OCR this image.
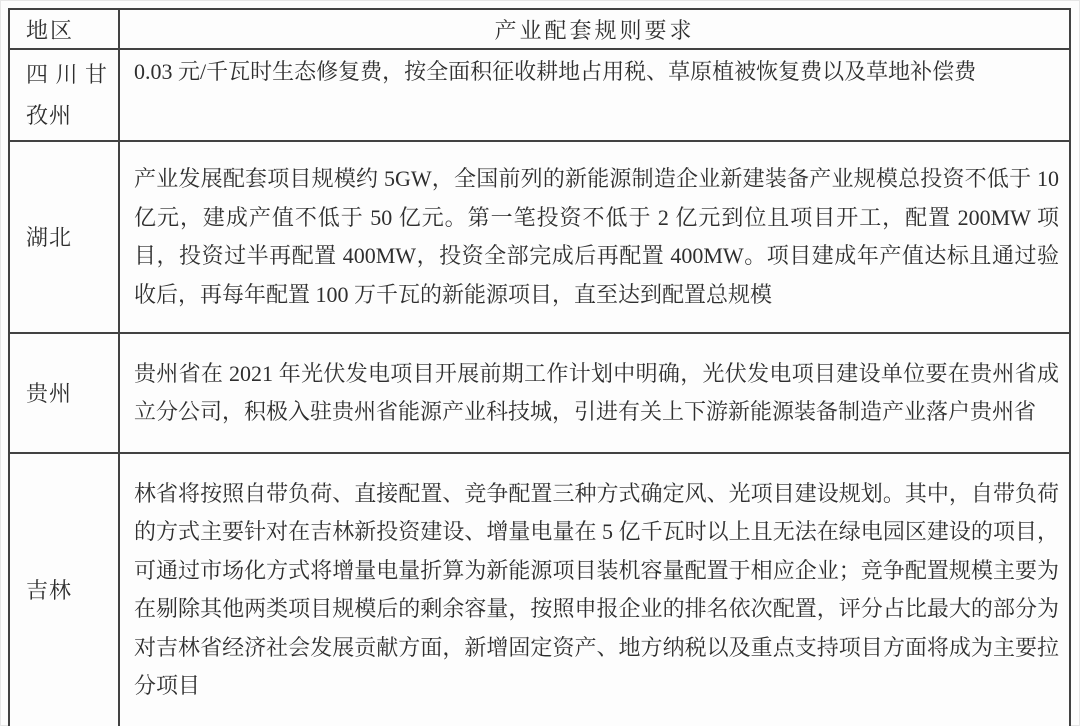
地区	产业配套规则要求
四川甘孜州	0.03 元/千瓦时生态修复费，按全面积征收耕地占用税、草原植被恢复费以及草地补偿费
湖北	产业发展配套项目规模约 5GW，全国前列的新能源制造企业新建装备产业规模总投资不低于 10 亿元，建成产值不低于 50 亿元。第一笔投资不低于 2 亿元到位且项目开工，配置 200MW 项目，投资过半再配置 400MW，投资全部完成后再配置 400MW。项目建成年产值达标且通过验收后，再每年配置 100 万千瓦的新能源项目，直至达到配置总规模
贵州	贵州省在 2021 年光伏发电项目开展前期工作计划中明确，光伏发电项目建设单位要在贵州省成立分公司，积极入驻贵州省能源产业科技城，引进有关上下游新能源装备制造产业落户贵州省
吉林	林省将按照自带负荷、直接配置、竞争配置三种方式确定风、光项目建设规划。其中，自带负荷的方式主要针对在吉林新投资建设、增量电量在 5 亿千瓦时以上且无法在绿电园区建设的项目，可通过市场化方式将增量电量折算为新能源项目装机容量配置于相应企业；竞争配置规模主要为在剔除其他两类项目规模后的剩余容量，按照申报企业的排名依次配置，评分占比最大的部分为对吉林省经济社会发展贡献方面，新增固定资产、地方纳税以及重点支持项目方面将成为主要拉分项目
